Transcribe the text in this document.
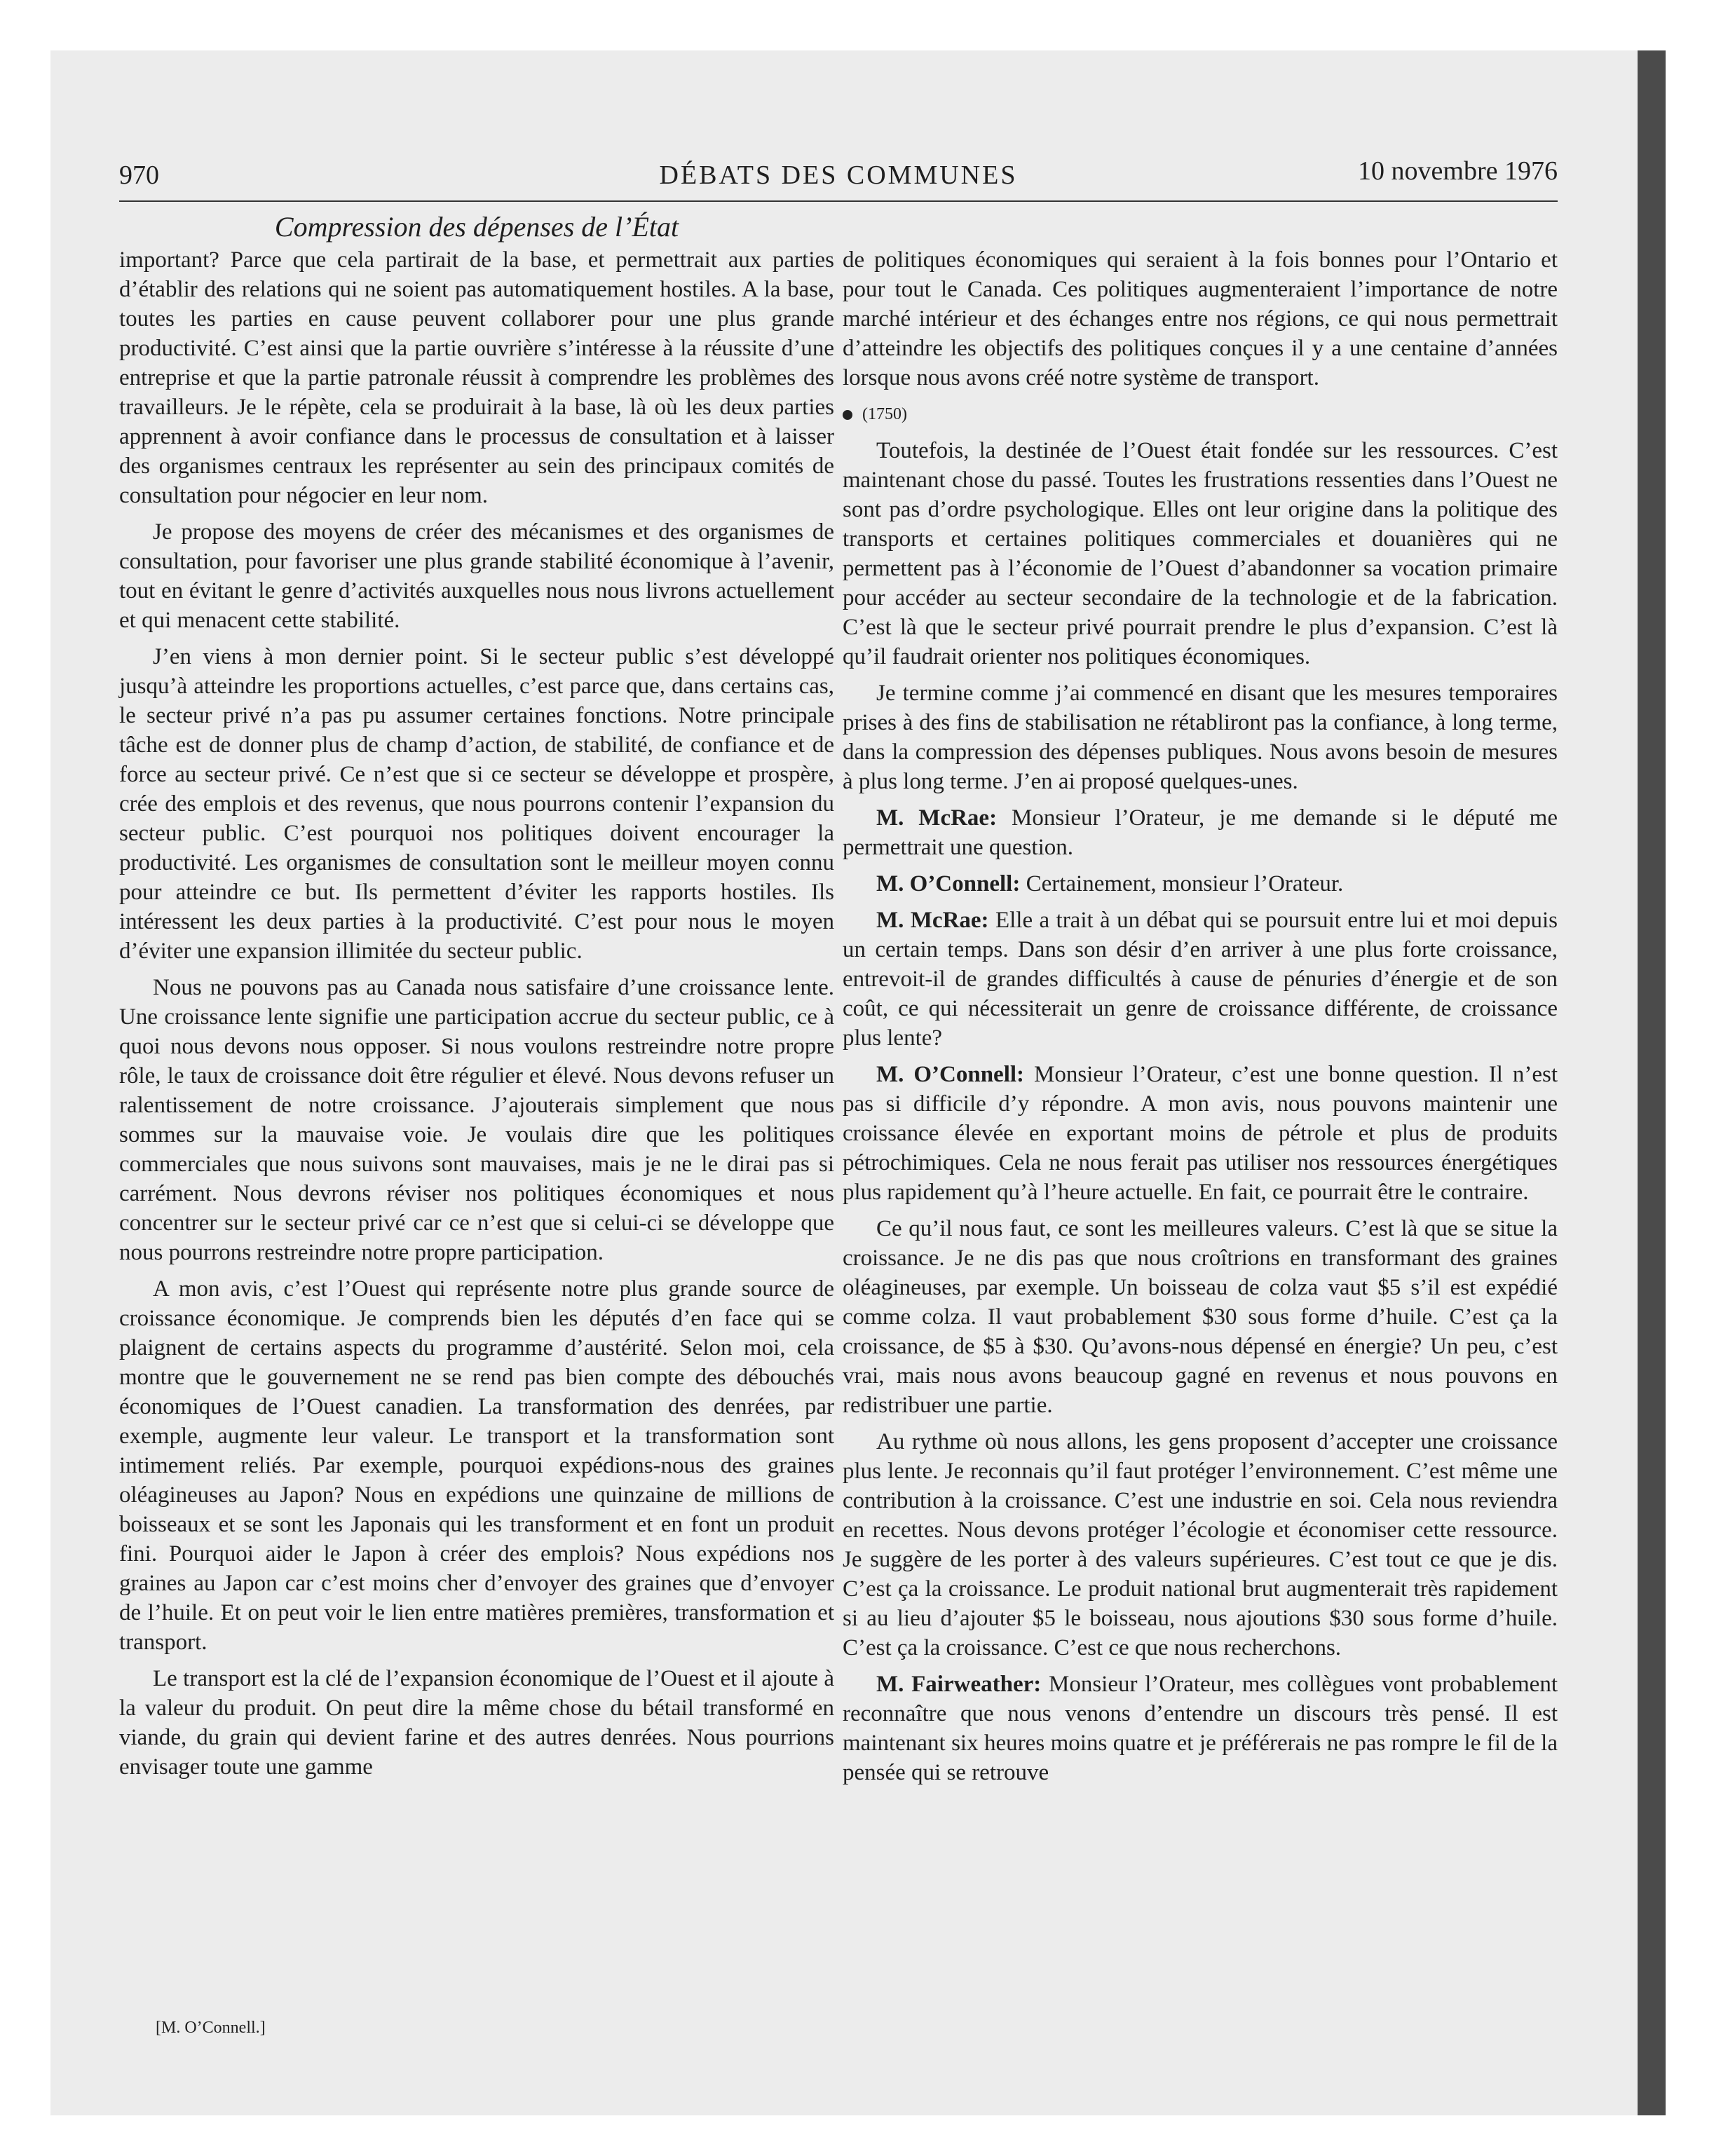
970	DÉBATS DES COMMUNES	10 novembre 1976
Compression des dépenses de l’État

important? Parce que cela partirait de la base, et permettrait aux parties d’établir des relations qui ne soient pas automatiquement hostiles. A la base, toutes les parties en cause peuvent collaborer pour une plus grande productivité. C’est ainsi que la partie ouvrière s’intéresse à la réussite d’une entreprise et que la partie patronale réussit à comprendre les problèmes des travailleurs. Je le répète, cela se produirait à la base, là où les deux parties apprennent à avoir confiance dans le processus de consultation et à laisser des organismes centraux les représenter au sein des principaux comités de consultation pour négocier en leur nom.

Je propose des moyens de créer des mécanismes et des organismes de consultation, pour favoriser une plus grande stabilité économique à l’avenir, tout en évitant le genre d’activités auxquelles nous nous livrons actuellement et qui menacent cette stabilité.

J’en viens à mon dernier point. Si le secteur public s’est développé jusqu’à atteindre les proportions actuelles, c’est parce que, dans certains cas, le secteur privé n’a pas pu assumer certaines fonctions. Notre principale tâche est de donner plus de champ d’action, de stabilité, de confiance et de force au secteur privé. Ce n’est que si ce secteur se développe et prospère, crée des emplois et des revenus, que nous pourrons contenir l’expansion du secteur public. C’est pourquoi nos politiques doivent encourager la productivité. Les organismes de consultation sont le meilleur moyen connu pour atteindre ce but. Ils permettent d’éviter les rapports hostiles. Ils intéressent les deux parties à la productivité. C’est pour nous le moyen d’éviter une expansion illimitée du secteur public.

Nous ne pouvons pas au Canada nous satisfaire d’une croissance lente. Une croissance lente signifie une participation accrue du secteur public, ce à quoi nous devons nous opposer. Si nous voulons restreindre notre propre rôle, le taux de croissance doit être régulier et élevé. Nous devons refuser un ralentissement de notre croissance. J’ajouterais simplement que nous sommes sur la mauvaise voie. Je voulais dire que les politiques commerciales que nous suivons sont mauvaises, mais je ne le dirai pas si carrément. Nous devrons réviser nos politiques économiques et nous concentrer sur le secteur privé car ce n’est que si celui-ci se développe que nous pourrons restreindre notre propre participation.

A mon avis, c’est l’Ouest qui représente notre plus grande source de croissance économique. Je comprends bien les députés d’en face qui se plaignent de certains aspects du programme d’austérité. Selon moi, cela montre que le gouvernement ne se rend pas bien compte des débouchés économiques de l’Ouest canadien. La transformation des denrées, par exemple, augmente leur valeur. Le transport et la transformation sont intimement reliés. Par exemple, pourquoi expédions-nous des graines oléagineuses au Japon? Nous en expédions une quinzaine de millions de boisseaux et se sont les Japonais qui les transforment et en font un produit fini. Pourquoi aider le Japon à créer des emplois? Nous expédions nos graines au Japon car c’est moins cher d’envoyer des graines que d’envoyer de l’huile. Et on peut voir le lien entre matières premières, transformation et transport.

Le transport est la clé de l’expansion économique de l’Ouest et il ajoute à la valeur du produit. On peut dire la même chose du bétail transformé en viande, du grain qui devient farine et des autres denrées. Nous pourrions envisager toute une gamme

de politiques économiques qui seraient à la fois bonnes pour l’Ontario et pour tout le Canada. Ces politiques augmenteraient l’importance de notre marché intérieur et des échanges entre nos régions, ce qui nous permettrait d’atteindre les objectifs des politiques conçues il y a une centaine d’années lorsque nous avons créé notre système de transport.

(1750)

Toutefois, la destinée de l’Ouest était fondée sur les ressources. C’est maintenant chose du passé. Toutes les frustrations ressenties dans l’Ouest ne sont pas d’ordre psychologique. Elles ont leur origine dans la politique des transports et certaines politiques commerciales et douanières qui ne permettent pas à l’économie de l’Ouest d’abandonner sa vocation primaire pour accéder au secteur secondaire de la technologie et de la fabrication. C’est là que le secteur privé pourrait prendre le plus d’expansion. C’est là qu’il faudrait orienter nos politiques économiques.

Je termine comme j’ai commencé en disant que les mesures temporaires prises à des fins de stabilisation ne rétabliront pas la confiance, à long terme, dans la compression des dépenses publiques. Nous avons besoin de mesures à plus long terme. J’en ai proposé quelques-unes.

M. McRae: Monsieur l’Orateur, je me demande si le député me permettrait une question.

M. O’Connell: Certainement, monsieur l’Orateur.

M. McRae: Elle a trait à un débat qui se poursuit entre lui et moi depuis un certain temps. Dans son désir d’en arriver à une plus forte croissance, entrevoit-il de grandes difficultés à cause de pénuries d’énergie et de son coût, ce qui nécessiterait un genre de croissance différente, de croissance plus lente?

M. O’Connell: Monsieur l’Orateur, c’est une bonne question. Il n’est pas si difficile d’y répondre. A mon avis, nous pouvons maintenir une croissance élevée en exportant moins de pétrole et plus de produits pétrochimiques. Cela ne nous ferait pas utiliser nos ressources énergétiques plus rapidement qu’à l’heure actuelle. En fait, ce pourrait être le contraire.

Ce qu’il nous faut, ce sont les meilleures valeurs. C’est là que se situe la croissance. Je ne dis pas que nous croîtrions en transformant des graines oléagineuses, par exemple. Un boisseau de colza vaut $5 s’il est expédié comme colza. Il vaut probablement $30 sous forme d’huile. C’est ça la croissance, de $5 à $30. Qu’avons-nous dépensé en énergie? Un peu, c’est vrai, mais nous avons beaucoup gagné en revenus et nous pouvons en redistribuer une partie.

Au rythme où nous allons, les gens proposent d’accepter une croissance plus lente. Je reconnais qu’il faut protéger l’environnement. C’est même une contribution à la croissance. C’est une industrie en soi. Cela nous reviendra en recettes. Nous devons protéger l’écologie et économiser cette ressource. Je suggère de les porter à des valeurs supérieures. C’est tout ce que je dis. C’est ça la croissance. Le produit national brut augmenterait très rapidement si au lieu d’ajouter $5 le boisseau, nous ajoutions $30 sous forme d’huile. C’est ça la croissance. C’est ce que nous recherchons.

M. Fairweather: Monsieur l’Orateur, mes collègues vont probablement reconnaître que nous venons d’entendre un discours très pensé. Il est maintenant six heures moins quatre et je préférerais ne pas rompre le fil de la pensée qui se retrouve

[M. O’Connell.]
